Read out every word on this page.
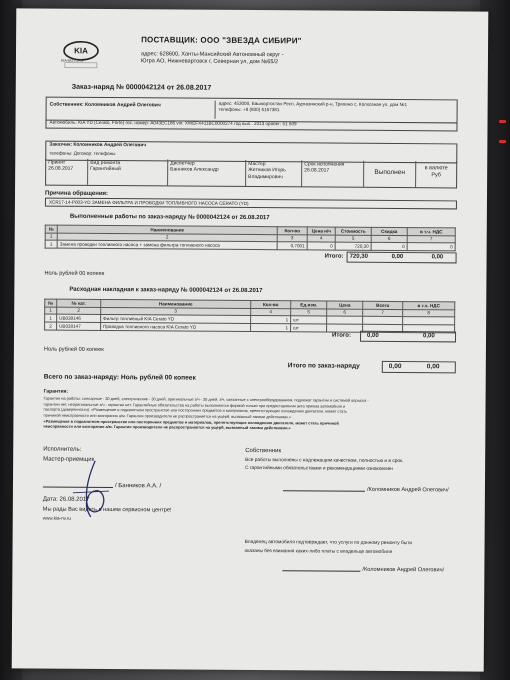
KIA
KIA MOTORS
ПОСТАВЩИК: ООО "ЗВЕЗДА СИБИРИ"
адрес: 628600, Ханты-Мансийский Автономный округ -
Югра АО, Нижневартовск г, Северная ул, дом №65/2
Заказ-наряд № 0000042124 от 26.08.2017
Собственник: Коломников Андрей Олегович	адрес: 453000, Башкортостан Респ, Аургазинский р-н, Тряпино с, Колхозная ул, дом №1
телефоны: +8 (800) 6167381
Автомобиль: KIA YD (Cerato, Forte) гос. номер: А043ЕС186 vin: XWEFX411BC0000274 год вып.: 2013 пробег: 51 509
Заказчик: Коломников Андрей Олегович
телефоны: Договор: телефоны
Принят
26.08.2017
Вид ремонта
Гарантийный
Диспетчер
Банников Александр
Мастер
Жетников Игорь Владимирович
Срок исполнения
26.08.2017	Выполнен
в валюте
Руб
Причина обращения:
XCR17-14-P003-YD ЗАМЕНА ФИЛЬТРА И ПРОВОДКИ ТОПЛИВНОГО НАСОСА CERATO (YD)
Выполненные работы по заказ-наряду № 0000042124 от 26.08.2017
№	Наименование	Кол-во	Цена н/ч	Стоимость	Скидка	в т.ч. НДС
1	2	3	4	5	6	7
1	Замена проводки топливного насоса + замена фильтра топливного насоса	0,7001	0	720,30	0	0
Итого: 720,30	0,00	0,00
Ноль рублей 00 копеек
Расходная накладная к заказ-наряду № 0000042124 от 26.08.2017
№	№ кат.	Наименование	Кол-во	Ед.изм.	Цена	Всего	в т.ч. НДС
1	2	3	4	5	6	7	8
1	UB030146	Фильтр топливный KIA Cerato YD	1	шт			
2	UB030147	Проводка топливного насоса KIA Cerato YD	1	шт			
Итого:	0,00	0,00
Ноль рублей 00 копеек
Итого по заказ-наряду	0,00	0,00
Всего по заказ-наряду: Ноль рублей 00 копеек
Гарантия:
Гарантия на работы: слесарные - 30 дней, электрические - 30 дней, оригинальные з/ч - 30 дней, з/ч, связанные с электрооборудованием, подлежат гарантии и системой впрыска -
гарантии нет, неоригинальные з/ч - гарантии нет. Гарантийные обязательства на работы выполняются фирмой только при предоставлении акта приема автомобиля и
паспорта (доверенности). «Размещение в подкапотном пространстве или посторонних предметов и материалов, препятствующих охлаждению двигателя, может стать
причиной неисправности или возгорания а/м. Гарантия производителя не распространяется на ущерб, вызванный такими действиями.»
«Размещение в подкапотном пространстве или посторонних предметов и материалов, препятствующих охлаждению двигателя, может стать причиной
неисправности или возгорания а/м. Гарантия производителя не распространяется на ущерб, вызванный такими действиями.»
Исполнитель:
Мастер-приемщик
/ Банников А.А. /
Дата: 26.08.2017
Мы рады Вас видеть в нашем сервисном центре!
www.kia-nv.ru
Собственник
Все работы выполнены с надлежащим качеством, полностью и в срок.
С гарантийными обязательствами и рекомендациями ознакомлен
/Коломников Андрей Олегович/
Владелец автомобиля подтверждает, что услуги по данному ремонту быти
оказаны без взимания каких-либо платы с владельце автомобиля
/Коломников Андрей Олегович/
